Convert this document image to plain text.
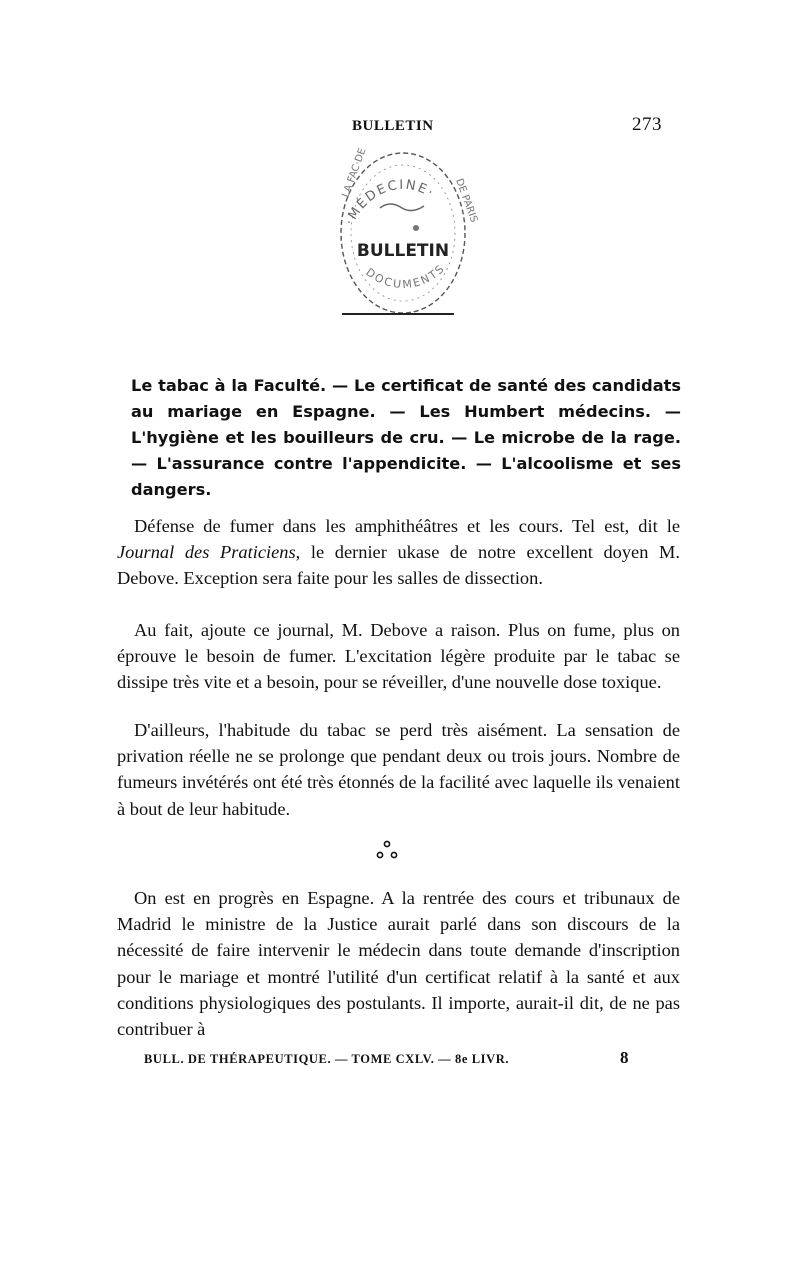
BULLETIN	273
·MÉDECINE·
DOCUMENTS
LA FAC·DE
DE PARIS
BULLETIN

Le tabac à la Faculté. — Le certificat de santé des candidats au mariage en Espagne. — Les Humbert médecins. — L'hygiène et les bouilleurs de cru. — Le microbe de la rage. — L'assurance contre l'appendicite. — L'alcoolisme et ses dangers.

Défense de fumer dans les amphithéâtres et les cours. Tel est, dit le Journal des Praticiens, le dernier ukase de notre excellent doyen M. Debove. Exception sera faite pour les salles de dissection.

Au fait, ajoute ce journal, M. Debove a raison. Plus on fume, plus on éprouve le besoin de fumer. L'excitation légère produite par le tabac se dissipe très vite et a besoin, pour se réveiller, d'une nouvelle dose toxique.

D'ailleurs, l'habitude du tabac se perd très aisément. La sensation de privation réelle ne se prolonge que pendant deux ou trois jours. Nombre de fumeurs invétérés ont été très étonnés de la facilité avec laquelle ils venaient à bout de leur habitude.

On est en progrès en Espagne. A la rentrée des cours et tribunaux de Madrid le ministre de la Justice aurait parlé dans son discours de la nécessité de faire intervenir le médecin dans toute demande d'inscription pour le mariage et montré l'utilité d'un certificat relatif à la santé et aux conditions physiologiques des postulants. Il importe, aurait-il dit, de ne pas contribuer à

BULL. DE THÉRAPEUTIQUE. — TOME CXLV. — 8e LIVR.	8
